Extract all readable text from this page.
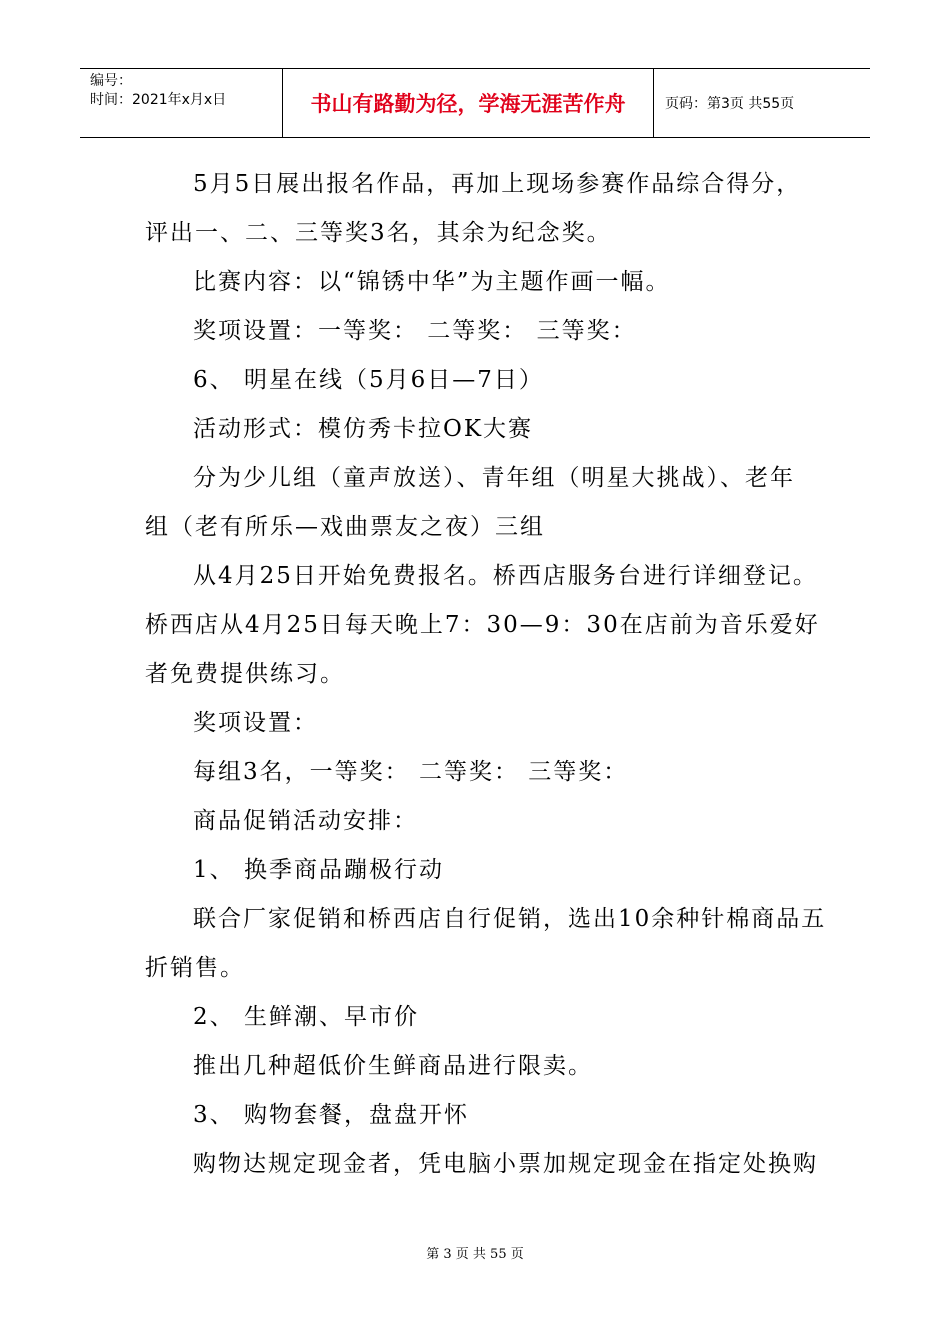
编号：
时间：2021年x月x日	书山有路勤为径，学海无涯苦作舟	页码：第3页 共55页
5月5日展出报名作品，再加上现场参赛作品综合得分，
评出一、二、三等奖3名，其余为纪念奖。
比赛内容：以“锦锈中华”为主题作画一幅。
奖项设置：一等奖： 二等奖： 三等奖：
6、 明星在线（5月6日—7日）
活动形式：模仿秀卡拉OK大赛
分为少儿组（童声放送）、青年组（明星大挑战）、老年
组（老有所乐—戏曲票友之夜）三组
从4月25日开始免费报名。桥西店服务台进行详细登记。
桥西店从4月25日每天晚上7：30—9：30在店前为音乐爱好
者免费提供练习。
奖项设置：
每组3名，一等奖： 二等奖： 三等奖：
商品促销活动安排：
1、 换季商品蹦极行动
联合厂家促销和桥西店自行促销，选出10余种针棉商品五
折销售。
2、 生鲜潮、早市价
推出几种超低价生鲜商品进行限卖。
3、 购物套餐，盘盘开怀
购物达规定现金者，凭电脑小票加规定现金在指定处换购
第 3 页 共 55 页
